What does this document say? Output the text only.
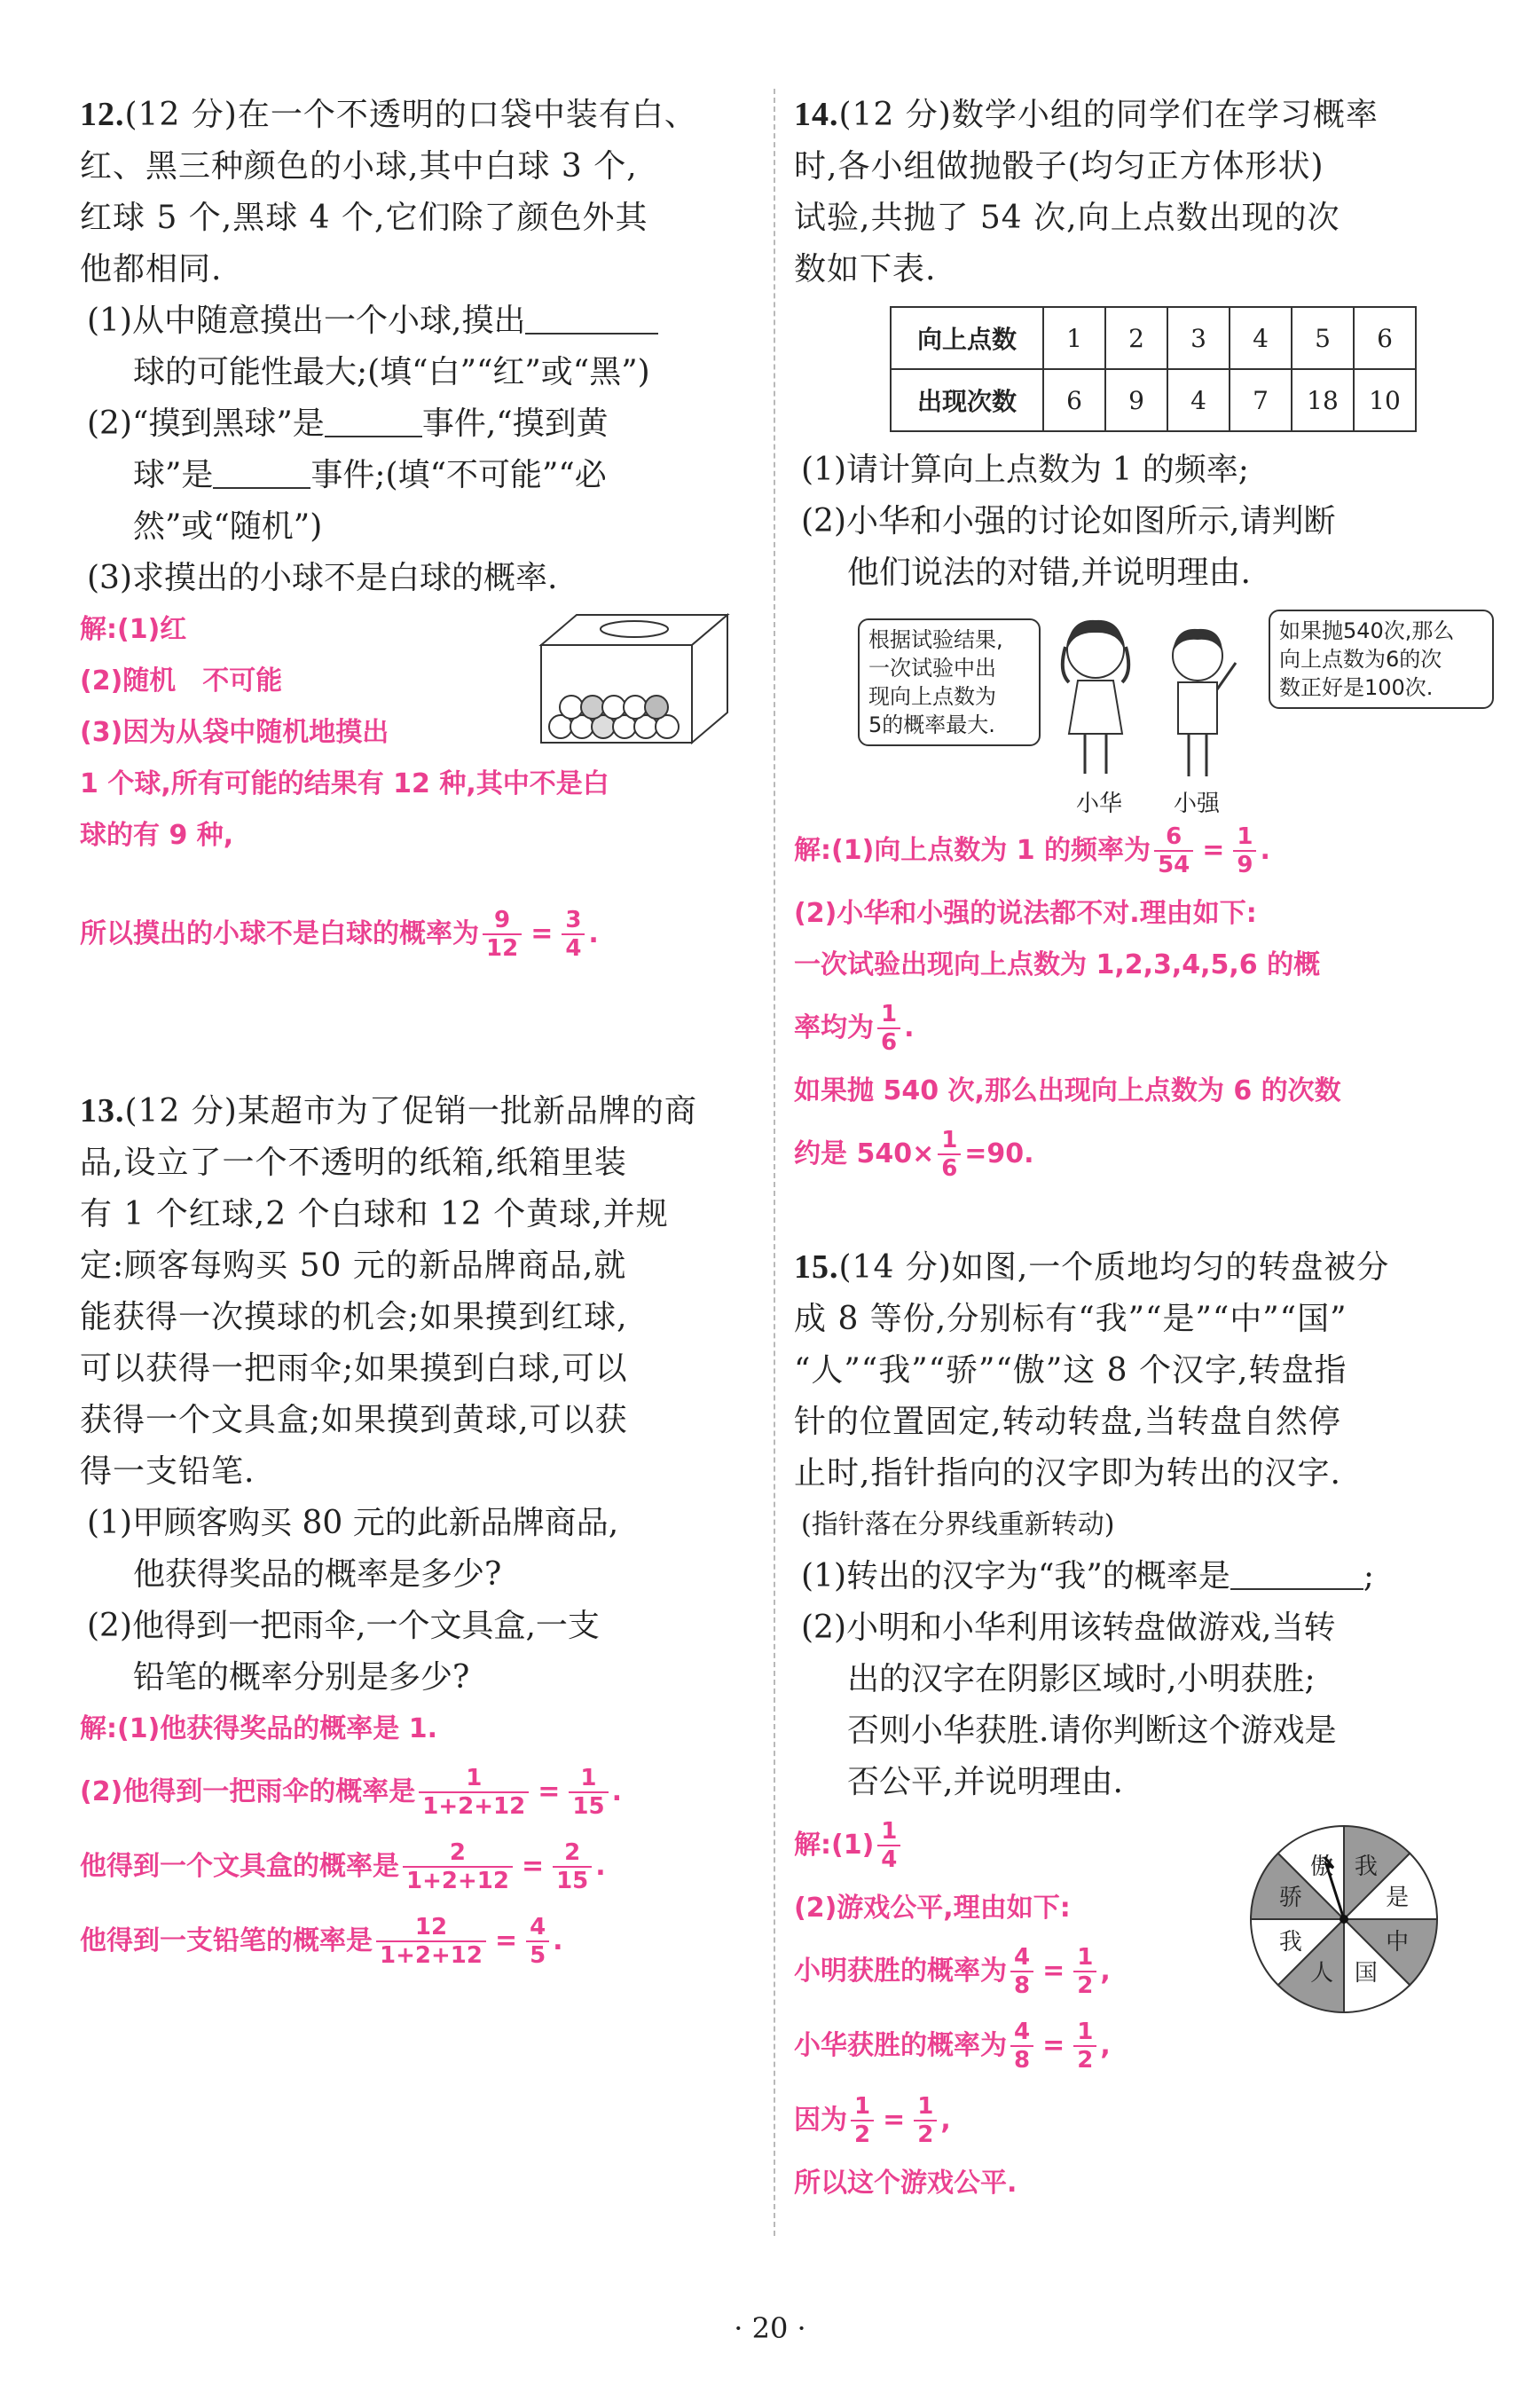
12.(12 分)在一个不透明的口袋中装有白、
红、黑三种颜色的小球,其中白球 3 个,
红球 5 个,黑球 4 个,它们除了颜色外其
他都相同.
(1)从中随意摸出一个小球,摸出
球的可能性最大;(填“白”“红”或“黑”)
(2)“摸到黑球”是	事件,“摸到黄
球”是	事件;(填“不可能”“必
然”或“随机”)
(3)求摸出的小球不是白球的概率.
解:(1)红
(2)随机　不可能
(3)因为从袋中随机地摸出
1 个球,所有可能的结果有 12 种,其中不是白
球的有 9 种,
所以摸出的小球不是白球的概率为 $\frac{9}{12} = \frac{3}{4}$ .
13.(12 分)某超市为了促销一批新品牌的商
品,设立了一个不透明的纸箱,纸箱里装
有 1 个红球,2 个白球和 12 个黄球,并规
定:顾客每购买 50 元的新品牌商品,就
能获得一次摸球的机会;如果摸到红球,
可以获得一把雨伞;如果摸到白球,可以
获得一个文具盒;如果摸到黄球,可以获
得一支铅笔.
(1)甲顾客购买 80 元的此新品牌商品,
他获得奖品的概率是多少?
(2)他得到一把雨伞,一个文具盒,一支
铅笔的概率分别是多少?
解:(1)他获得奖品的概率是 1.
(2)他得到一把雨伞的概率是 $\frac{1}{1+2+12} = \frac{1}{15}$ .
他得到一个文具盒的概率是 $\frac{2}{1+2+12} = \frac{2}{15}$ .
他得到一支铅笔的概率是 $\frac{12}{1+2+12} = \frac{4}{5}$ .
14.(12 分)数学小组的同学们在学习概率
时,各小组做抛骰子(均匀正方体形状)
试验,共抛了 54 次,向上点数出现的次
数如下表.
向上点数	1	2	3	4	5	6
出现次数	6	9	4	7	18	10
(1)请计算向上点数为 1 的频率;
(2)小华和小强的讨论如图所示,请判断
他们说法的对错,并说明理由.
根据试验结果,
一次试验中出
现向上点数为
5的概率最大.
如果抛540次,那么
向上点数为6的次
数正好是100次.
小华 小强
解:(1)向上点数为 1 的频率为 $\frac{6}{54} = \frac{1}{9}$ .
(2)小华和小强的说法都不对.理由如下:
一次试验出现向上点数为 1,2,3,4,5,6 的概
率均为 $\frac{1}{6}$ .
如果抛 540 次,那么出现向上点数为 6 的次数
约是 $540\times \frac{1}{6} =90$.
15.(14 分)如图,一个质地均匀的转盘被分
成 8 等份,分别标有“我”“是”“中”“国”
“人”“我”“骄”“傲”这 8 个汉字,转盘指
针的位置固定,转动转盘,当转盘自然停
止时,指针指向的汉字即为转出的汉字.
(指针落在分界线重新转动)
(1)转出的汉字为“我”的概率是	;
(2)小明和小华利用该转盘做游戏,当转
出的汉字在阴影区域时,小明获胜;
否则小华获胜.请你判断这个游戏是
否公平,并说明理由.
我
是
中
国
人
我
骄
傲
解:(1) $\frac{1}{4}$
(2)游戏公平,理由如下:
小明获胜的概率为 $\frac{4}{8} = \frac{1}{2}$ ,
小华获胜的概率为 $\frac{4}{8} = \frac{1}{2}$ ,
因为 $\frac{1}{2} = \frac{1}{2}$ ,
所以这个游戏公平.
· 20 ·
